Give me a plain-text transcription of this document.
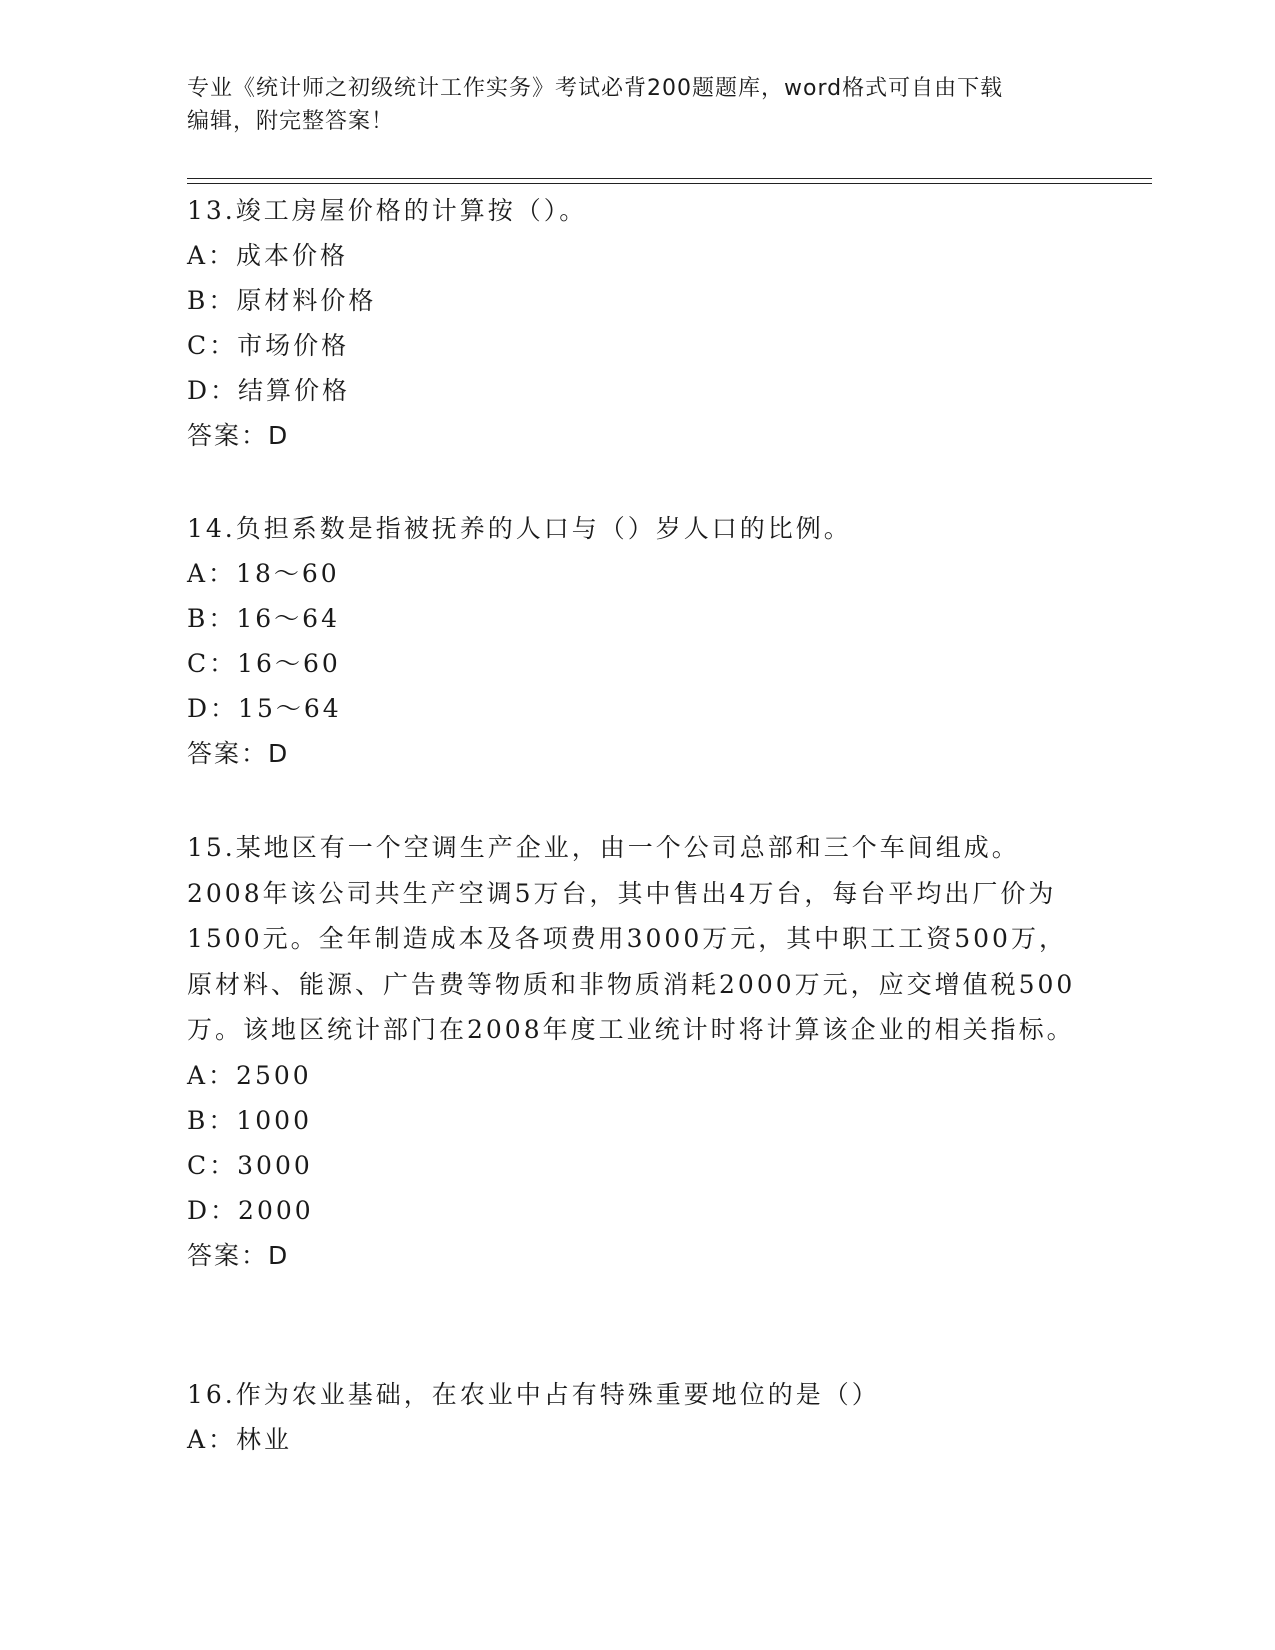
专业《统计师之初级统计工作实务》考试必背200题题库，word格式可自由下载
编辑，附完整答案！
13.竣工房屋价格的计算按（）。
A：成本价格
B：原材料价格
C：市场价格
D：结算价格
答案：D
14.负担系数是指被抚养的人口与（）岁人口的比例。
A：18～60
B：16～64
C：16～60
D：15～64
答案：D
15.某地区有一个空调生产企业，由一个公司总部和三个车间组成。2008年该公司共生产空调5万台，其中售出4万台，每台平均出厂价为1500元。全年制造成本及各项费用3000万元，其中职工工资500万，原材料、能源、广告费等物质和非物质消耗2000万元，应交增值税500万。该地区统计部门在2008年度工业统计时将计算该企业的相关指标。
A：2500
B：1000
C：3000
D：2000
答案：D
16.作为农业基础，在农业中占有特殊重要地位的是（）
A：林业
